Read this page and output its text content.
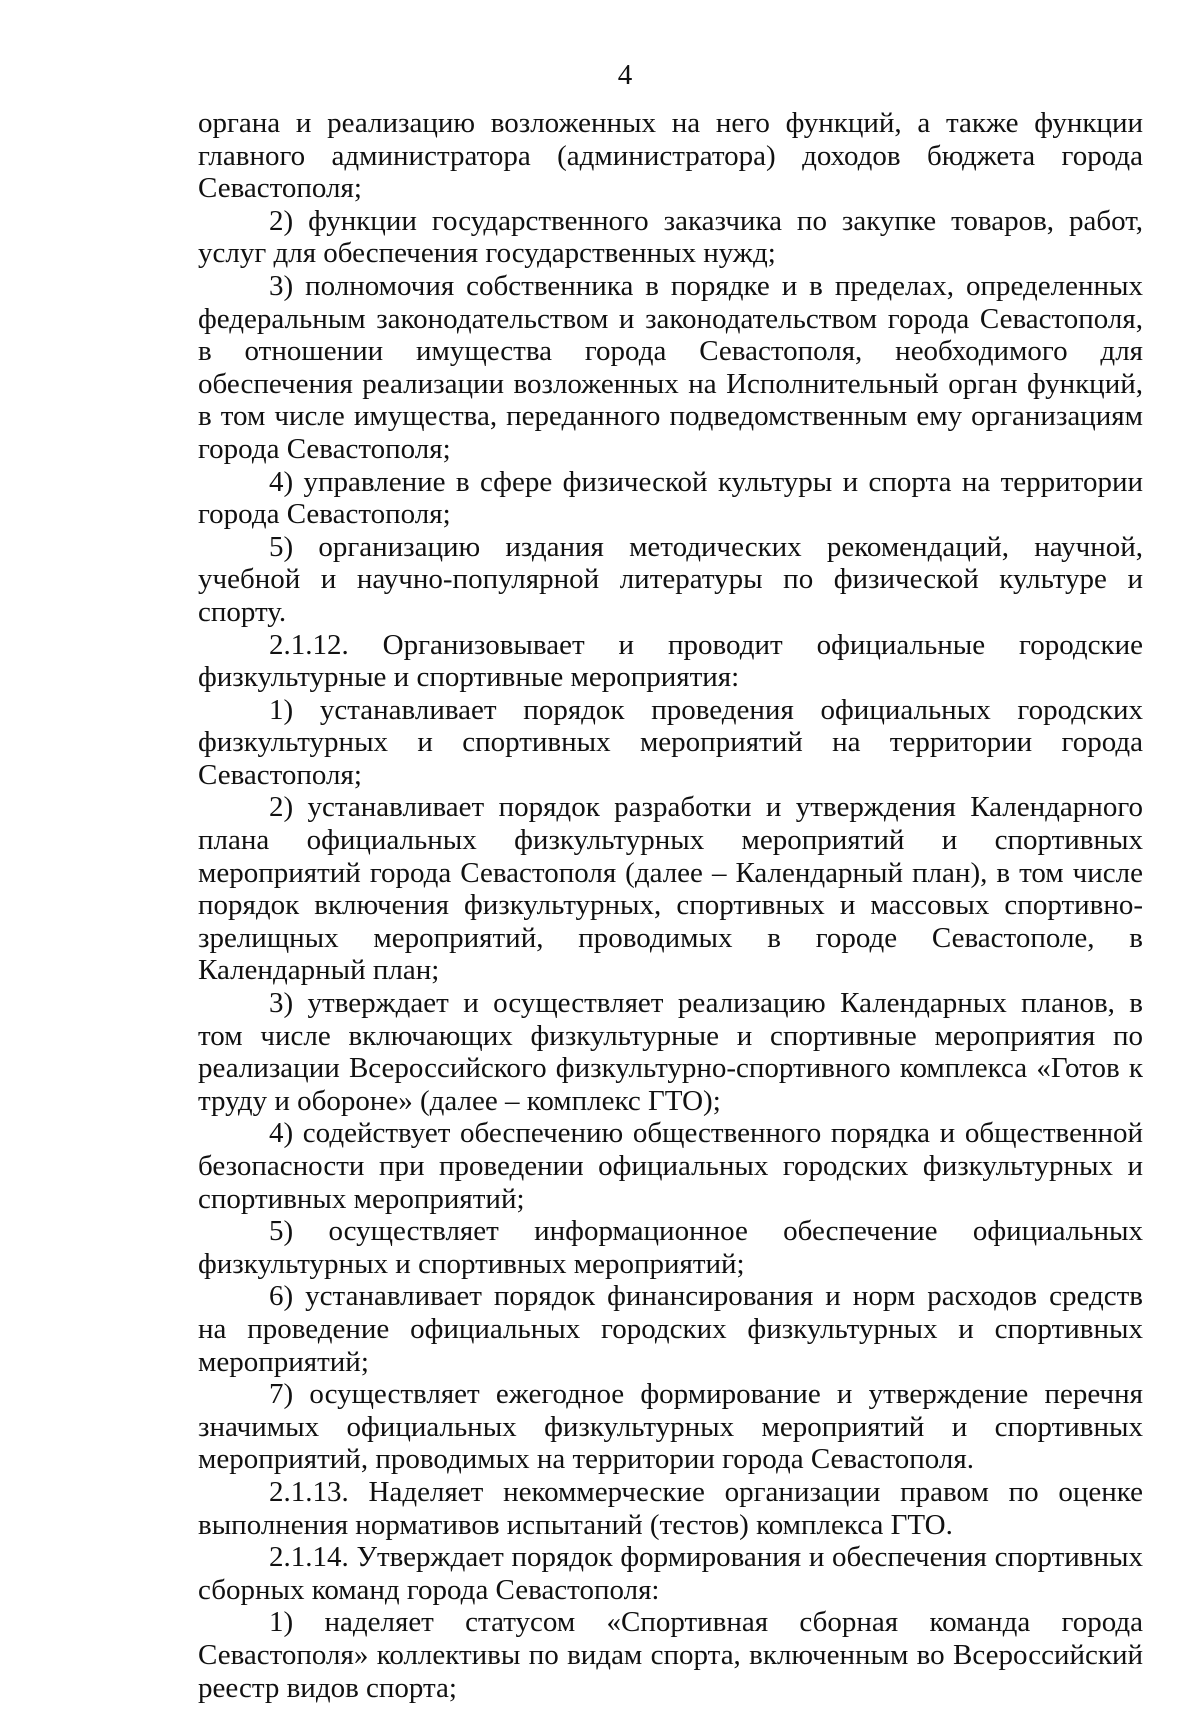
4

органа и реализацию возложенных на него функций, а также функции главного администратора (администратора) доходов бюджета города Севастополя;

2) функции государственного заказчика по закупке товаров, работ, услуг для обеспечения государственных нужд;

3) полномочия собственника в порядке и в пределах, определенных федеральным законодательством и законодательством города Севастополя, в отношении имущества города Севастополя, необходимого для обеспечения реализации возложенных на Исполнительный орган функций, в том числе имущества, переданного подведомственным ему организациям города Севастополя;

4) управление в сфере физической культуры и спорта на территории города Севастополя;

5) организацию издания методических рекомендаций, научной, учебной и научно-популярной литературы по физической культуре и спорту.

2.1.12. Организовывает и проводит официальные городские физкультурные и спортивные мероприятия:

1) устанавливает порядок проведения официальных городских физкультурных и спортивных мероприятий на территории города Севастополя;

2) устанавливает порядок разработки и утверждения Календарного плана официальных физкультурных мероприятий и спортивных мероприятий города Севастополя (далее – Календарный план), в том числе порядок включения физкультурных, спортивных и массовых спортивно-зрелищных мероприятий, проводимых в городе Севастополе, в Календарный план;

3) утверждает и осуществляет реализацию Календарных планов, в том числе включающих физкультурные и спортивные мероприятия по реализации Всероссийского физкультурно-спортивного комплекса «Готов к труду и обороне» (далее – комплекс ГТО);

4) содействует обеспечению общественного порядка и общественной безопасности при проведении официальных городских физкультурных и спортивных мероприятий;

5) осуществляет информационное обеспечение официальных физкультурных и спортивных мероприятий;

6) устанавливает порядок финансирования и норм расходов средств на проведение официальных городских физкультурных и спортивных мероприятий;

7) осуществляет ежегодное формирование и утверждение перечня значимых официальных физкультурных мероприятий и спортивных мероприятий, проводимых на территории города Севастополя.

2.1.13. Наделяет некоммерческие организации правом по оценке выполнения нормативов испытаний (тестов) комплекса ГТО.

2.1.14. Утверждает порядок формирования и обеспечения спортивных сборных команд города Севастополя:

1) наделяет статусом «Спортивная сборная команда города Севастополя» коллективы по видам спорта, включенным во Всероссийский реестр видов спорта;
